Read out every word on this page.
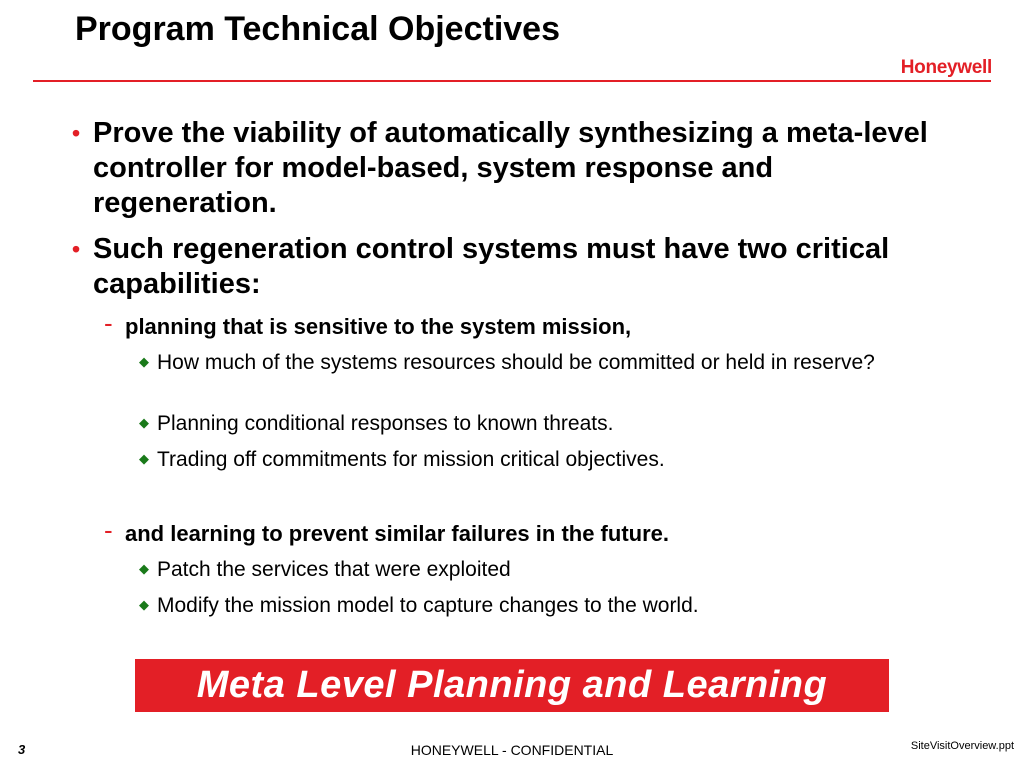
Program Technical Objectives
Honeywell
• Prove the viability of automatically synthesizing a meta-level controller for model-based, system response and regeneration.
• Such regeneration control systems must have two critical capabilities:
- planning that is sensitive to the system mission,
◆ How much of the systems resources should be committed or held in reserve?
◆ Planning conditional responses to known threats.
◆ Trading off commitments for mission critical objectives.
- and learning to prevent similar failures in the future.
◆ Patch the services that were exploited
◆ Modify the mission model to capture changes to the world.
Meta Level Planning and Learning
3	HONEYWELL - CONFIDENTIAL	SiteVisitOverview.ppt
